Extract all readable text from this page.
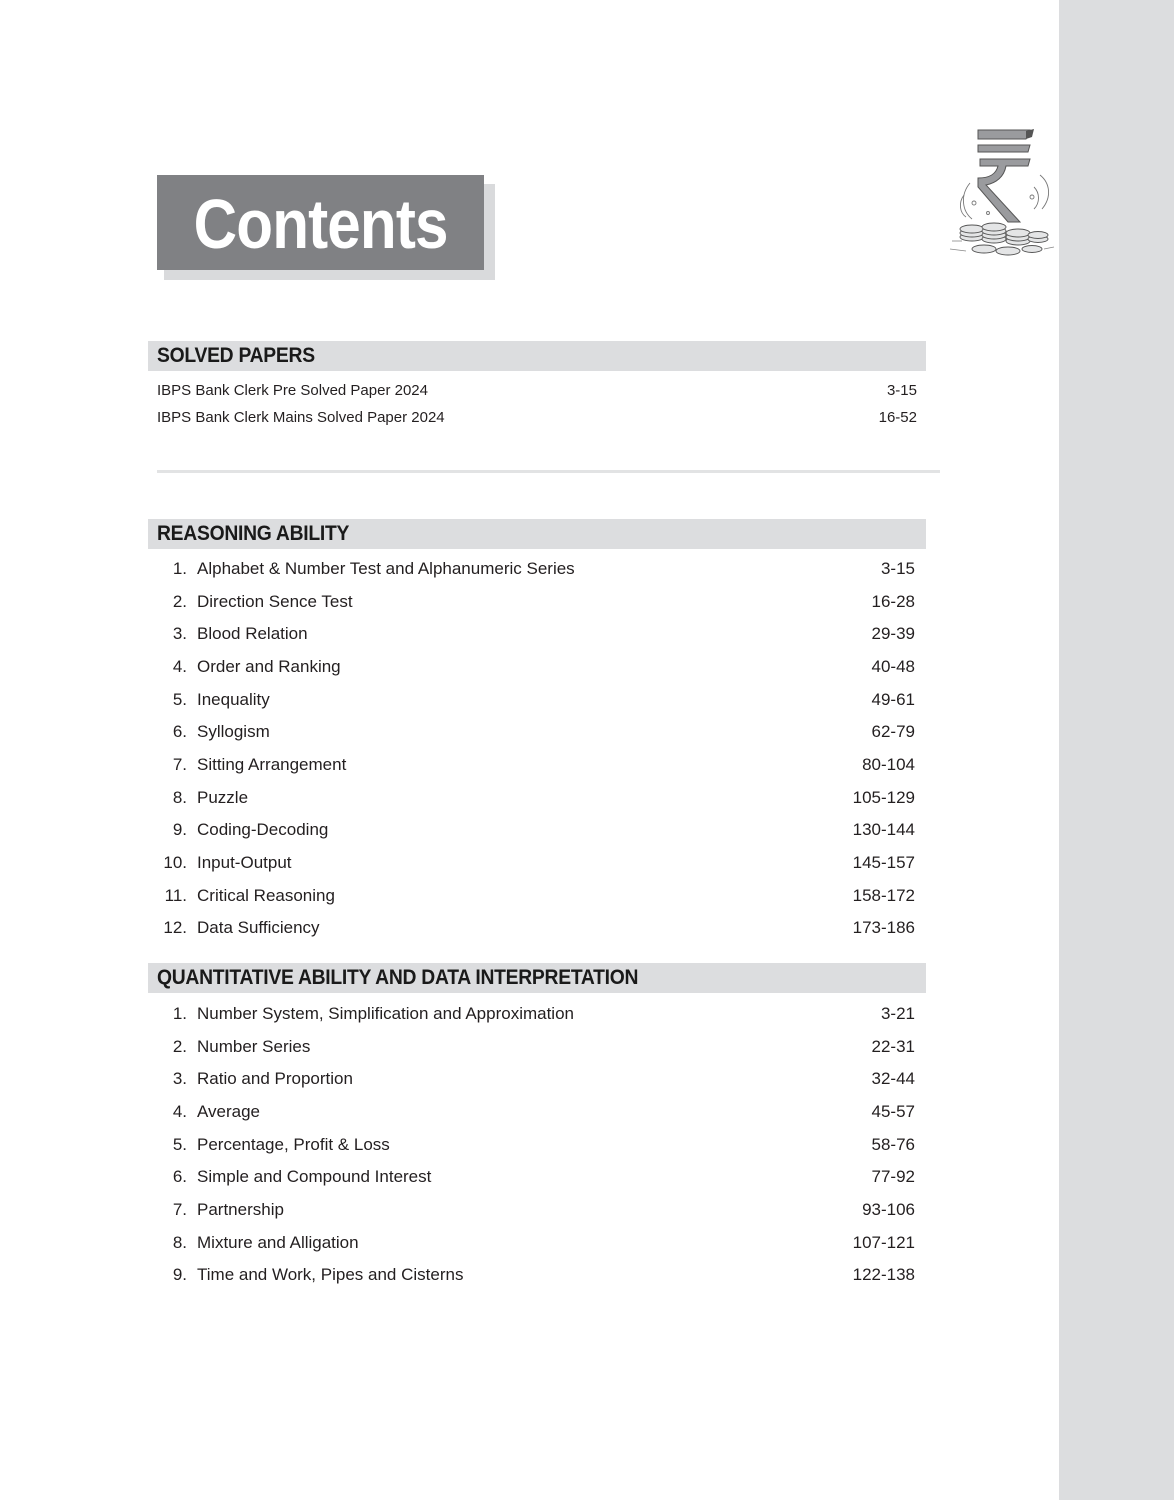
Contents
SOLVED PAPERS
IBPS Bank Clerk Pre Solved Paper 2024	3-15
IBPS Bank Clerk Mains Solved Paper 2024	16-52
REASONING ABILITY
1. Alphabet & Number Test and Alphanumeric Series	3-15
2. Direction Sence Test	16-28
3. Blood Relation	29-39
4. Order and Ranking	40-48
5. Inequality	49-61
6. Syllogism	62-79
7. Sitting Arrangement	80-104
8. Puzzle	105-129
9. Coding-Decoding	130-144
10. Input-Output	145-157
11. Critical Reasoning	158-172
12. Data Sufficiency	173-186
QUANTITATIVE ABILITY AND DATA INTERPRETATION
1. Number System, Simplification and Approximation	3-21
2. Number Series	22-31
3. Ratio and Proportion	32-44
4. Average	45-57
5. Percentage, Profit & Loss	58-76
6. Simple and Compound Interest	77-92
7. Partnership	93-106
8. Mixture and Alligation	107-121
9. Time and Work, Pipes and Cisterns	122-138
